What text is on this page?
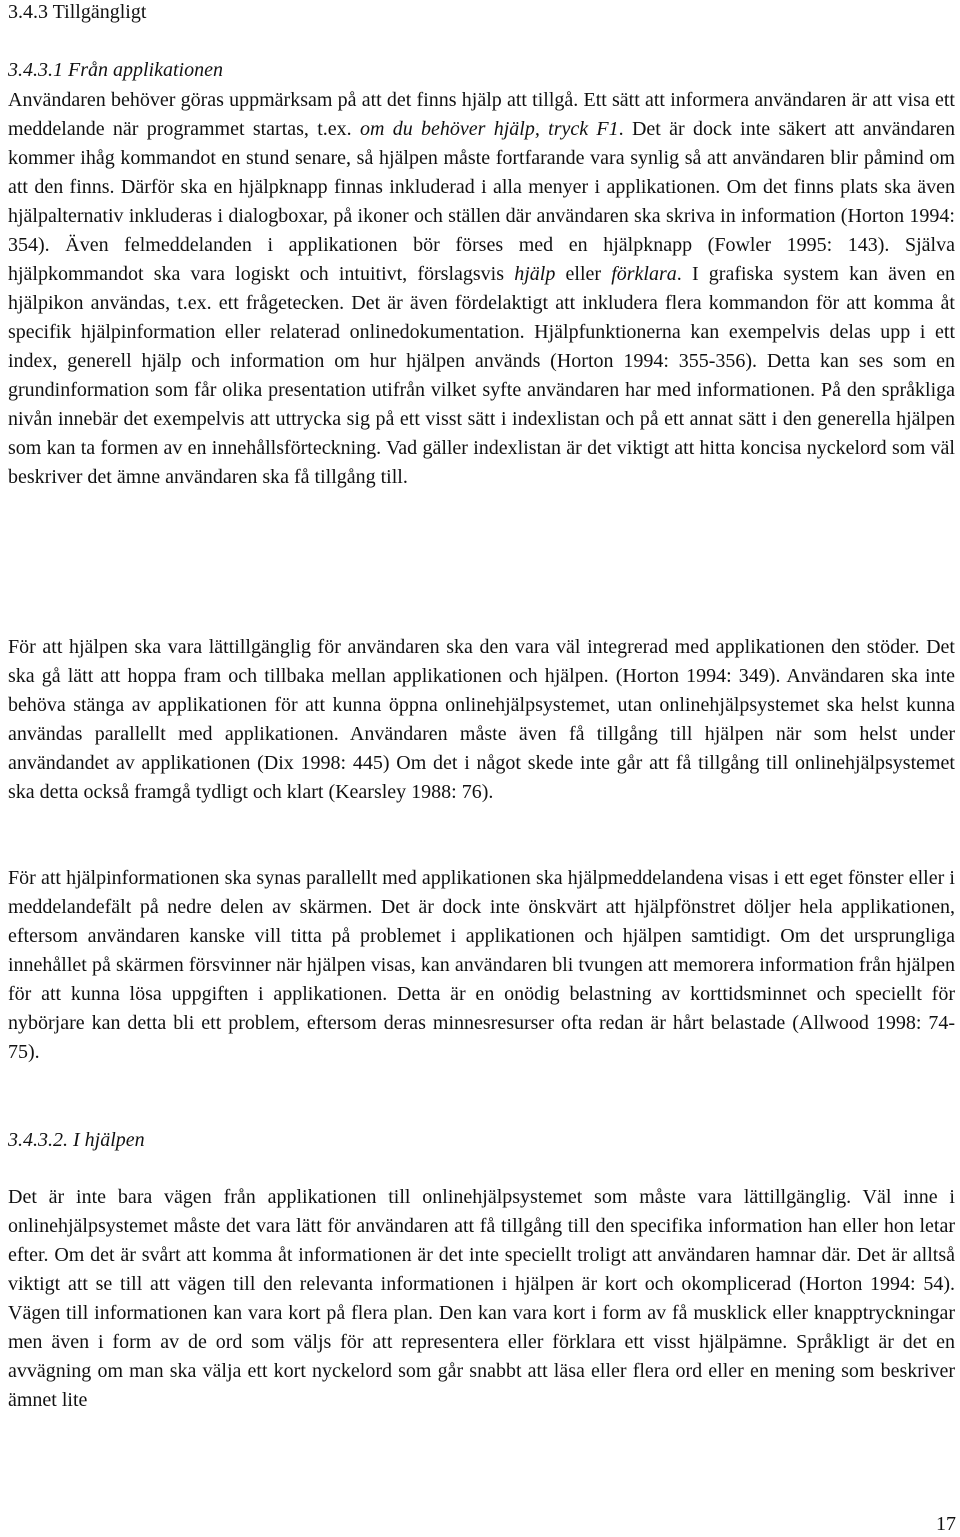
3.4.3 Tillgängligt
3.4.3.1 Från applikationen

Användaren behöver göras uppmärksam på att det finns hjälp att tillgå. Ett sätt att informera användaren är att visa ett meddelande när programmet startas, t.ex. om du behöver hjälp, tryck F1. Det är dock inte säkert att användaren kommer ihåg kommandot en stund senare, så hjälpen måste fortfarande vara synlig så att användaren blir påmind om att den finns. Därför ska en hjälpknapp finnas inkluderad i alla menyer i applikationen. Om det finns plats ska även hjälpalternativ inkluderas i dialogboxar, på ikoner och ställen där användaren ska skriva in information (Horton 1994: 354). Även felmeddelanden i applikationen bör förses med en hjälpknapp (Fowler 1995: 143). Själva hjälpkommandot ska vara logiskt och intuitivt, förslagsvis hjälp eller förklara. I grafiska system kan även en hjälpikon användas, t.ex. ett frågetecken. Det är även fördelaktigt att inkludera flera kommandon för att komma åt specifik hjälpinformation eller relaterad onlinedokumentation. Hjälpfunktionerna kan exempelvis delas upp i ett index, generell hjälp och information om hur hjälpen används (Horton 1994: 355-356). Detta kan ses som en grundinformation som får olika presentation utifrån vilket syfte användaren har med informationen. På den språkliga nivån innebär det exempelvis att uttrycka sig på ett visst sätt i indexlistan och på ett annat sätt i den generella hjälpen som kan ta formen av en innehållsförteckning. Vad gäller indexlistan är det viktigt att hitta koncisa nyckelord som väl beskriver det ämne användaren ska få tillgång till.

För att hjälpen ska vara lättillgänglig för användaren ska den vara väl integrerad med applikationen den stöder. Det ska gå lätt att hoppa fram och tillbaka mellan applikationen och hjälpen. (Horton 1994: 349). Användaren ska inte behöva stänga av applikationen för att kunna öppna onlinehjälpsystemet, utan onlinehjälpsystemet ska helst kunna användas parallellt med applikationen. Användaren måste även få tillgång till hjälpen när som helst under användandet av applikationen (Dix 1998: 445) Om det i något skede inte går att få tillgång till onlinehjälpsystemet ska detta också framgå tydligt och klart (Kearsley 1988: 76).

För att hjälpinformationen ska synas parallellt med applikationen ska hjälpmeddelandena visas i ett eget fönster eller i meddelandefält på nedre delen av skärmen. Det är dock inte önskvärt att hjälpfönstret döljer hela applikationen, eftersom användaren kanske vill titta på problemet i applikationen och hjälpen samtidigt. Om det ursprungliga innehållet på skärmen försvinner när hjälpen visas, kan användaren bli tvungen att memorera information från hjälpen för att kunna lösa uppgiften i applikationen. Detta är en onödig belastning av korttidsminnet och speciellt för nybörjare kan detta bli ett problem, eftersom deras minnesresurser ofta redan är hårt belastade (Allwood 1998: 74-75).

3.4.3.2. I hjälpen

Det är inte bara vägen från applikationen till onlinehjälpsystemet som måste vara lättillgänglig. Väl inne i onlinehjälpsystemet måste det vara lätt för användaren att få tillgång till den specifika information han eller hon letar efter. Om det är svårt att komma åt informationen är det inte speciellt troligt att användaren hamnar där. Det är alltså viktigt att se till att vägen till den relevanta informationen i hjälpen är kort och okomplicerad (Horton 1994: 54). Vägen till informationen kan vara kort på flera plan. Den kan vara kort i form av få musklick eller knapptryckningar men även i form av de ord som väljs för att representera eller förklara ett visst hjälpämne. Språkligt är det en avvägning om man ska välja ett kort nyckelord som går snabbt att läsa eller flera ord eller en mening som beskriver ämnet lite

17
